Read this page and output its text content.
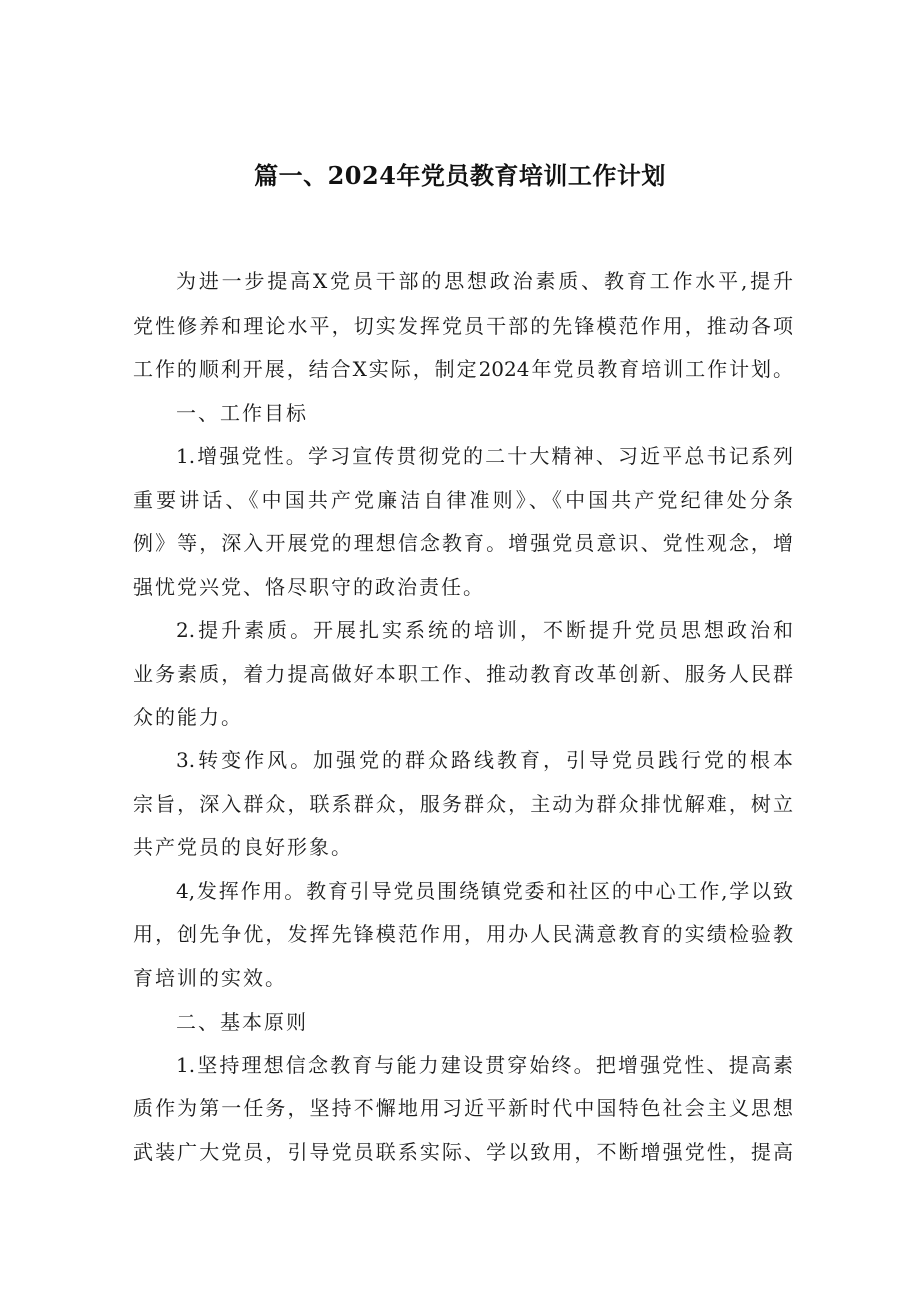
篇一、2024年党员教育培训工作计划
为进一步提高X党员干部的思想政治素质、教育工作水平,提升
党性修养和理论水平，切实发挥党员干部的先锋模范作用，推动各项
工作的顺利开展，结合X实际，制定2024年党员教育培训工作计划。
一、工作目标
1.增强党性。学习宣传贯彻党的二十大精神、习近平总书记系列
重要讲话、《中国共产党廉洁自律准则》、《中国共产党纪律处分条
例》等，深入开展党的理想信念教育。增强党员意识、党性观念，增
强忧党兴党、恪尽职守的政治责任。
2.提升素质。开展扎实系统的培训，不断提升党员思想政治和
业务素质，着力提高做好本职工作、推动教育改革创新、服务人民群
众的能力。
3.转变作风。加强党的群众路线教育，引导党员践行党的根本
宗旨，深入群众，联系群众，服务群众，主动为群众排忧解难，树立
共产党员的良好形象。
4,发挥作用。教育引导党员围绕镇党委和社区的中心工作,学以致
用，创先争优，发挥先锋模范作用，用办人民满意教育的实绩检验教
育培训的实效。
二、基本原则
1.坚持理想信念教育与能力建设贯穿始终。把增强党性、提高素
质作为第一任务，坚持不懈地用习近平新时代中国特色社会主义思想
武装广大党员，引导党员联系实际、学以致用，不断增强党性，提高
